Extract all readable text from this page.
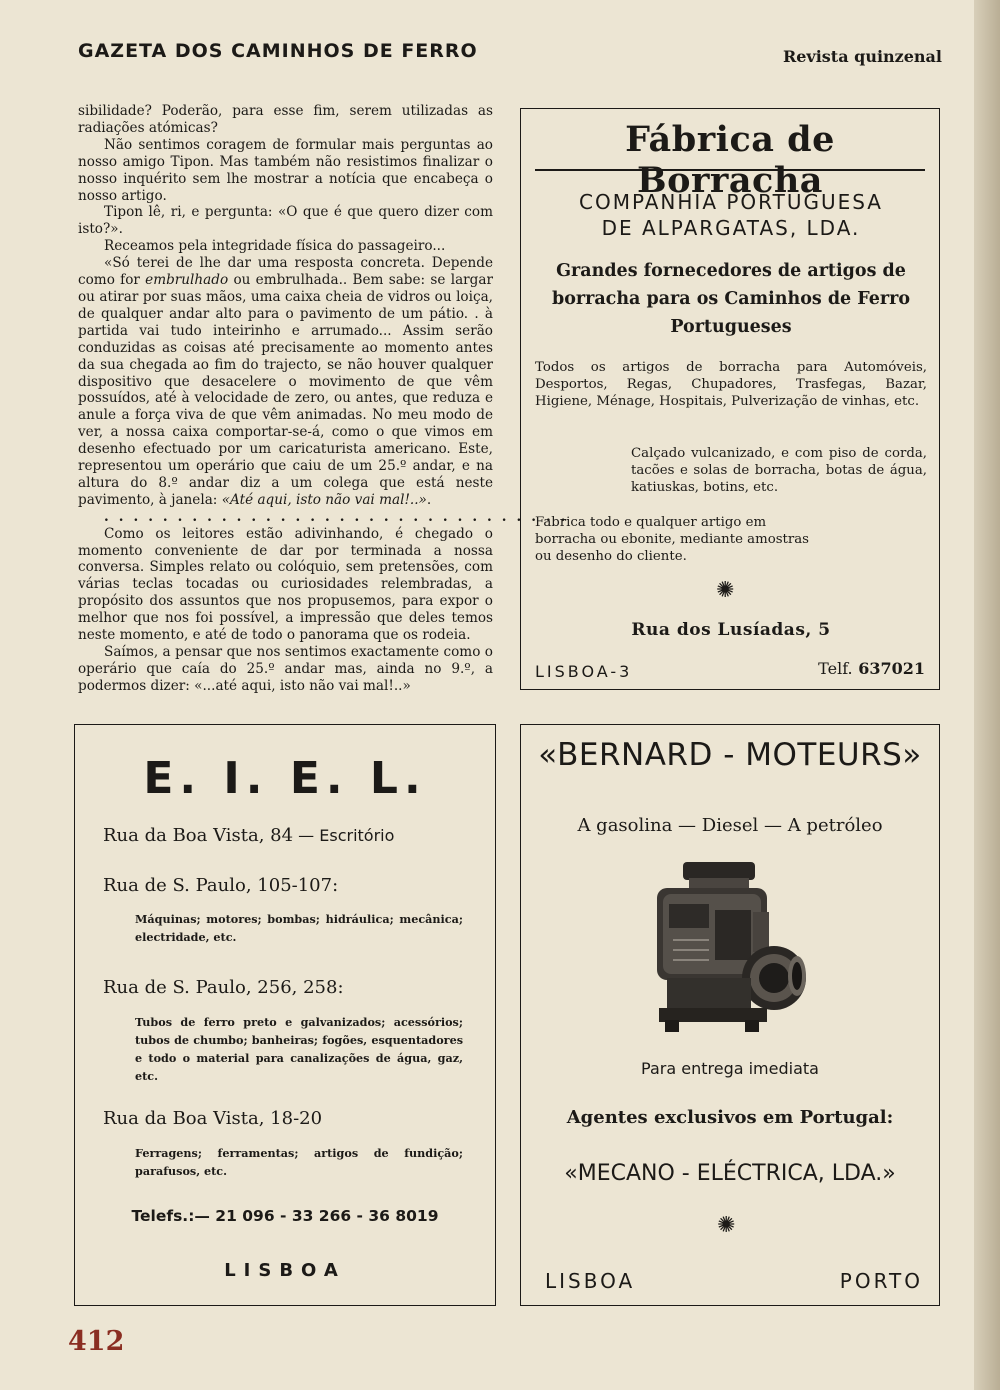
GAZETA DOS CAMINHOS DE FERRO	Revista quinzenal

sibilidade? Poderão, para esse fim, serem utilizadas as radiações atómicas?

Não sentimos coragem de formular mais perguntas ao nosso amigo Tipon. Mas também não resistimos finalizar o nosso inquérito sem lhe mostrar a notícia que encabeça o nosso artigo.

Tipon lê, ri, e pergunta: «O que é que quero dizer com isto?».

Receamos pela integridade física do passageiro...

«Só terei de lhe dar uma resposta concreta. Depende como for embrulhado ou embrulhada.. Bem sabe: se largar ou atirar por suas mãos, uma caixa cheia de vidros ou loiça, de qualquer andar alto para o pavimento de um pátio. . à partida vai tudo inteirinho e arrumado... Assim serão conduzidas as coisas até precisamente ao momento antes da sua chegada ao fim do trajecto, se não houver qualquer dispositivo que desacelere o movimento de que vêm possuídos, até à velocidade de zero, ou antes, que reduza e anule a força viva de que vêm animadas. No meu modo de ver, a nossa caixa comportar-se-á, como o que vimos em desenho efectuado por um caricaturista americano. Este, representou um operário que caiu de um 25.º andar, e na altura do 8.º andar diz a um colega que está neste pavimento, à janela: «Até aqui, isto não vai mal!..».

................................

Como os leitores estão adivinhando, é chegado o momento conveniente de dar por terminada a nossa conversa. Simples relato ou colóquio, sem pretensões, com várias teclas tocadas ou curiosidades relembradas, a propósito dos assuntos que nos propusemos, para expor o melhor que nos foi possível, a impressão que deles temos neste momento, e até de todo o panorama que os rodeia.

Saímos, a pensar que nos sentimos exactamente como o operário que caía do 25.º andar mas, ainda no 9.º, a podermos dizer: «...até aqui, isto não vai mal!..»

Fábrica de Borracha
COMPANHIA PORTUGUESA
DE ALPARGATAS, LDA.
Grandes fornecedores de artigos de borracha para os Caminhos de Ferro Portugueses
Todos os artigos de borracha para Automóveis, Desportos, Regas, Chupadores, Trasfegas, Bazar, Higiene, Ménage, Hospitais, Pulverização de vinhas, etc.
Calçado vulcanizado, e com piso de corda, tacões e solas de borracha, botas de água, katiuskas, botins, etc.
Fabrica todo e qualquer artigo em borracha ou ebonite, mediante amostras ou desenho do cliente.
✺
Rua dos Lusíadas, 5
LISBOA-3	Telf. 637021
E. I. E. L.
Rua da Boa Vista, 84 — Escritório
Rua de S. Paulo, 105-107:
Máquinas; motores; bombas; hidráulica; mecânica; electridade, etc.
Rua de S. Paulo, 256, 258:
Tubos de ferro preto e galvanizados; acessórios; tubos de chumbo; banheiras; fogões, esquentadores e todo o material para canalizações de água, gaz, etc.
Rua da Boa Vista, 18-20
Ferragens; ferramentas; artigos de fundição; parafusos, etc.
Telefs.:— 21 096 - 33 266 - 36 8019
LISBOA
«BERNARD - MOTEURS»
A gasolina — Diesel — A petróleo
Para entrega imediata
Agentes exclusivos em Portugal:
«MECANO - ELÉCTRICA, LDA.»
✺
LISBOA	PORTO
412
